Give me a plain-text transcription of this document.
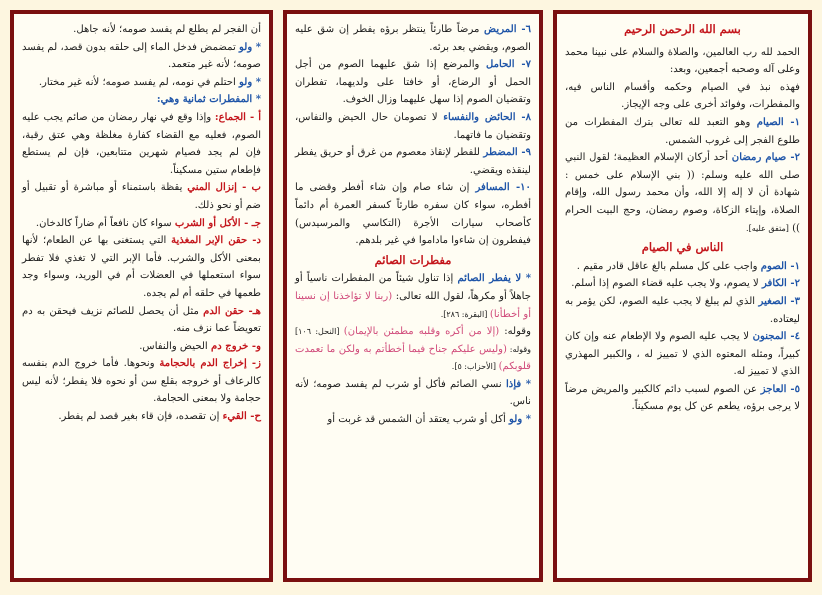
بسم الله الرحمن الرحيم

الحمد لله رب العالمين، والصلاة والسلام على نبينا محمد وعلى آله وصحبه أجمعين، وبعد:

فهذه نبذ في الصيام وحكمه وأقسام الناس فيه، والمفطرات، وفوائد أخرى على وجه الإيجاز.

١- الصيام وهو التعبد لله تعالى بترك المفطرات من طلوع الفجر إلى غروب الشمس.

٢- صيام رمضان أحد أركان الإسلام العظيمة؛ لقول النبي صلى الله عليه وسلم: (( بني الإسلام على خمس : شهادة أن لا إله إلا الله، وأن محمد رسول الله، وإقام الصلاة، وإيتاء الزكاة، وصوم رمضان، وحج البيت الحرام )) [متفق عليه].

الناس في الصيام

١- الصوم واجب على كل مسلم بالغ عاقل قادر مقيم .

٢- الكافر لا يصوم، ولا يجب عليه قضاء الصوم إذا أسلم.

٣- الصغير الذي لم يبلغ لا يجب عليه الصوم، لكن يؤمر به ليعتاده.

٤- المجنون لا يجب عليه الصوم ولا الإطعام عنه وإن كان كبيراً، ومثله المعتوه الذي لا تمييز له ، والكبير المهذري الذي لا تمييز له.

٥- العاجز عن الصوم لسبب دائم كالكبير والمريض مرضاً لا يرجى برؤه، يطعم عن كل يوم مسكيناً.

٦- المريض مرضاً طارئاً ينتظر برؤه يفطر إن شق عليه الصوم، ويقضي بعد برئه.

٧- الحامل والمرضع إذا شق عليهما الصوم من أجل الحمل أو الرضاع، أو خافتا على ولديهما، تفطران وتقضيان الصوم إذا سهل عليهما وزال الخوف.

٨- الحائض والنفساء لا تصومان حال الحيض والنفاس، وتقضيان ما فاتهما.

٩- المضطر للفطر لإنقاذ معصوم من غرق أو حريق يفطر لينقذه ويقضي.

١٠- المسافر إن شاء صام وإن شاء أفطر وقضى ما أفطره، سواء كان سفره طارئاً كسفر العمرة أم دائماً كأصحاب سيارات الأجرة (التكاسي والمرسيدس) فيفطرون إن شاءوا ماداموا في غير بلدهم.

مفطرات الصائم

* لا يفطر الصائم إذا تناول شيئاً من المفطرات ناسياً أو جاهلاً أو مكرهاً، لقول الله تعالى: (ربنا لا تؤاخذنا إن نسينا أو أخطأنا) [البقرة: ٢٨٦].

وقوله: (إلا من أكره وقلبه مطمئن بالإيمان) [النحل: ١٠٦] وقوله: (وليس عليكم جناح فيما أخطأتم به ولكن ما تعمدت قلوبكم) [الأحزاب: ٥].

* فإذا نسي الصائم فأكل أو شرب لم يفسد صومه؛ لأنه ناس.

* ولو أكل أو شرب يعتقد أن الشمس قد غربت أو

أن الفجر لم يطلع لم يفسد صومه؛ لأنه جاهل.

* ولو تمضمض فدخل الماء إلى حلقه بدون قصد، لم يفسد صومه؛ لأنه غير متعمد.

* ولو احتلم في نومه، لم يفسد صومه؛ لأنه غير مختار.

* المفطرات ثمانية وهي:

أ - الجماع: وإذا وقع في نهار رمضان من صائم يجب عليه الصوم، فعليه مع القضاء كفارة مغلظة وهي عتق رقبة، فإن لم يجد فصيام شهرين متتابعين، فإن لم يستطع فإطعام ستين مسكيناً.

ب - إنزال المني يقظة باستمناء أو مباشرة أو تقبيل أو ضم أو نحو ذلك.

جـ - الأكل أو الشرب سواء كان نافعاً أم ضاراً كالدخان.

د- حقن الإبر المغذية التي يستغنى بها عن الطعام؛ لأنها بمعنى الأكل والشرب. فأما الإبر التي لا تغذي فلا تفطر سواء استعملها في العضلات أم في الوريد، وسواء وجد طعمها في حلقه أم لم يجده.

هـ- حقن الدم مثل أن يحصل للصائم نزيف فيحقن به دم تعويضاً عما نزف منه.

و- خروج دم الحيض والنفاس.

ز- إخراج الدم بالحجامة ونحوها. فأما خروج الدم بنفسه كالرعاف أو خروجه بقلع سن أو نحوه فلا يفطر؛ لأنه ليس حجامة ولا بمعنى الحجامة.

ح- القيء إن تقصده، فإن قاء بغير قصد لم يفطر.
